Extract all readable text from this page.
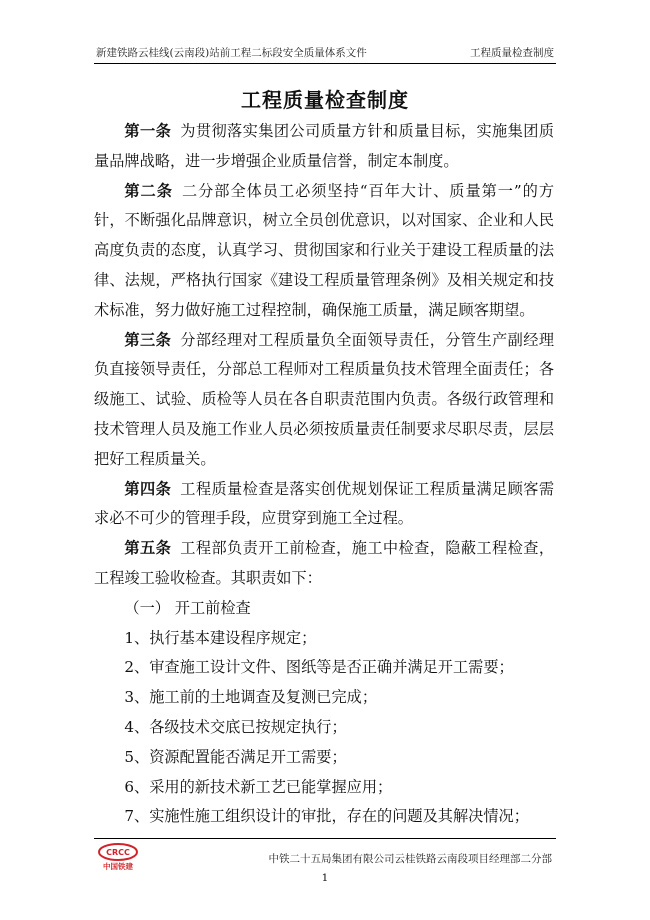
新建铁路云桂线(云南段)站前工程二标段安全质量体系文件	工程质量检查制度
工程质量检查制度

第一条 为贯彻落实集团公司质量方针和质量目标，实施集团质量品牌战略，进一步增强企业质量信誉，制定本制度。

第二条 二分部全体员工必须坚持“百年大计、质量第一”的方针，不断强化品牌意识，树立全员创优意识，以对国家、企业和人民高度负责的态度，认真学习、贯彻国家和行业关于建设工程质量的法律、法规，严格执行国家《建设工程质量管理条例》及相关规定和技术标准，努力做好施工过程控制，确保施工质量，满足顾客期望。

第三条 分部经理对工程质量负全面领导责任，分管生产副经理负直接领导责任，分部总工程师对工程质量负技术管理全面责任；各级施工、试验、质检等人员在各自职责范围内负责。各级行政管理和技术管理人员及施工作业人员必须按质量责任制要求尽职尽责，层层把好工程质量关。

第四条 工程质量检查是落实创优规划保证工程质量满足顾客需求必不可少的管理手段，应贯穿到施工全过程。

第五条 工程部负责开工前检查，施工中检查，隐蔽工程检查，工程竣工验收检查。其职责如下：

（一） 开工前检查

1、执行基本建设程序规定；

2、审查施工设计文件、图纸等是否正确并满足开工需要；

3、施工前的土地调查及复测已完成；

4、各级技术交底已按规定执行；

5、资源配置能否满足开工需要；

6、采用的新技术新工艺已能掌握应用；

7、实施性施工组织设计的审批，存在的问题及其解决情况；

CRCC
中国铁建
中铁二十五局集团有限公司云桂铁路云南段项目经理部二分部
1
